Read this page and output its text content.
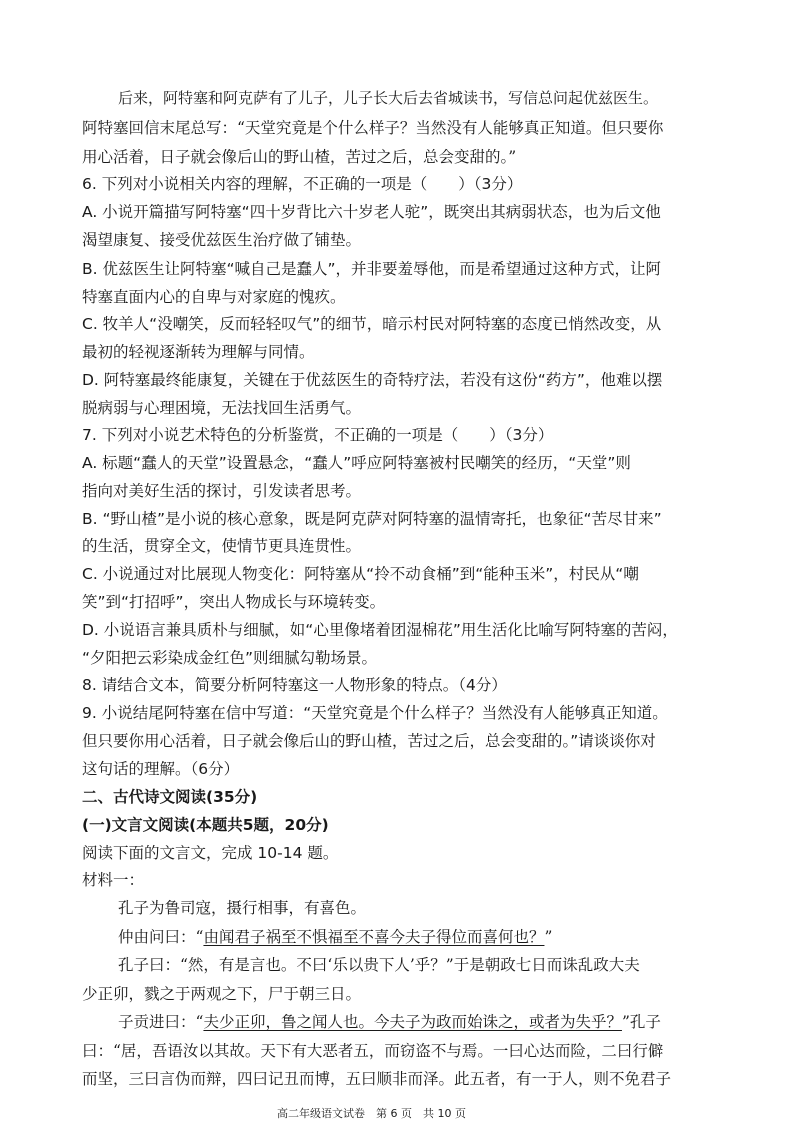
后来，阿特塞和阿克萨有了儿子，儿子长大后去省城读书，写信总问起优兹医生。
阿特塞回信末尾总写：“天堂究竟是个什么样子？当然没有人能够真正知道。但只要你
用心活着，日子就会像后山的野山楂，苦过之后，总会变甜的。”
6. 下列对小说相关内容的理解，不正确的一项是（　　）（3分）
A. 小说开篇描写阿特塞“四十岁背比六十岁老人驼”，既突出其病弱状态，也为后文他
渴望康复、接受优兹医生治疗做了铺垫。
B. 优兹医生让阿特塞“喊自己是蠢人”，并非要羞辱他，而是希望通过这种方式，让阿
特塞直面内心的自卑与对家庭的愧疚。
C. 牧羊人“没嘲笑，反而轻轻叹气”的细节，暗示村民对阿特塞的态度已悄然改变，从
最初的轻视逐渐转为理解与同情。
D. 阿特塞最终能康复，关键在于优兹医生的奇特疗法，若没有这份“药方”，他难以摆
脱病弱与心理困境，无法找回生活勇气。
7. 下列对小说艺术特色的分析鉴赏，不正确的一项是（　　）（3分）
A. 标题“蠢人的天堂”设置悬念，“蠢人”呼应阿特塞被村民嘲笑的经历，“天堂”则
指向对美好生活的探讨，引发读者思考。
B. “野山楂”是小说的核心意象，既是阿克萨对阿特塞的温情寄托，也象征“苦尽甘来”
的生活，贯穿全文，使情节更具连贯性。
C. 小说通过对比展现人物变化：阿特塞从“拎不动食桶”到“能种玉米”，村民从“嘲
笑”到“打招呼”，突出人物成长与环境转变。
D. 小说语言兼具质朴与细腻，如“心里像堵着团湿棉花”用生活化比喻写阿特塞的苦闷，
“夕阳把云彩染成金红色”则细腻勾勒场景。
8. 请结合文本，简要分析阿特塞这一人物形象的特点。（4分）
9. 小说结尾阿特塞在信中写道：“天堂究竟是个什么样子？当然没有人能够真正知道。
但只要你用心活着，日子就会像后山的野山楂，苦过之后，总会变甜的。”请谈谈你对
这句话的理解。（6分）
二、古代诗文阅读(35分)
(一)文言文阅读(本题共5题，20分)
阅读下面的文言文，完成 10-14 题。
材料一：
孔子为鲁司寇，摄行相事，有喜色。
仲由问曰：“由闻君子祸至不惧福至不喜今夫子得位而喜何也？”
孔子曰：“然，有是言也。不曰‘乐以贵下人’乎？”于是朝政七日而诛乱政大夫
少正卯，戮之于两观之下，尸于朝三日。
子贡进曰：“夫少正卯，鲁之闻人也。今夫子为政而始诛之，或者为失乎？”孔子
曰：“居，吾语汝以其故。天下有大恶者五，而窃盗不与焉。一曰心达而险，二曰行僻
而坚，三曰言伪而辩，四曰记丑而博，五曰顺非而泽。此五者，有一于人，则不免君子
高二年级语文试卷　第 6 页　共 10 页
